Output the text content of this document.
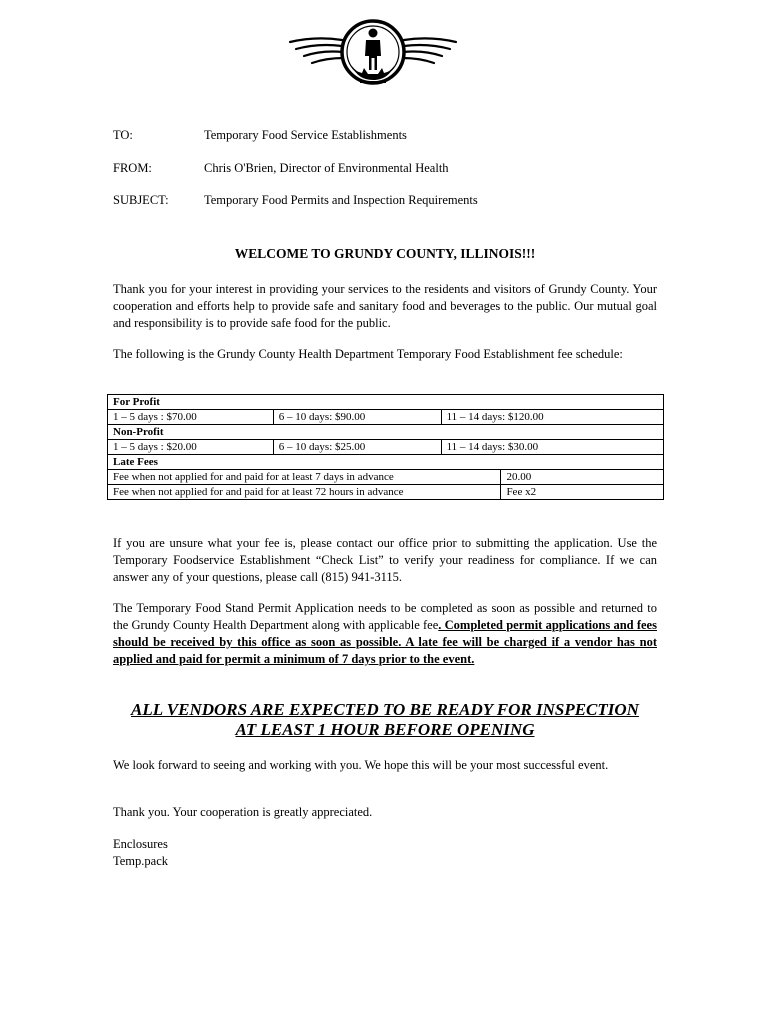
TO:	Temporary Food Service Establishments
FROM:	Chris O'Brien, Director of Environmental Health
SUBJECT:	Temporary Food Permits and Inspection Requirements
WELCOME TO GRUNDY COUNTY, ILLINOIS!!!
Thank you for your interest in providing your services to the residents and visitors of Grundy County. Your cooperation and efforts help to provide safe and sanitary food and beverages to the public. Our mutual goal and responsibility is to provide safe food for the public.
The following is the Grundy County Health Department Temporary Food Establishment fee schedule:
For Profit			
1 – 5 days : $70.00	6 – 10 days: $90.00	11 – 14 days: $120.00	
Non-Profit			
1 – 5 days : $20.00	6 – 10 days: $25.00	11 – 14 days: $30.00	
Late Fees			
Fee when not applied for and paid for at least 7 days in advance			20.00
Fee when not applied for and paid for at least 72 hours in advance			Fee x2
If you are unsure what your fee is, please contact our office prior to submitting the application. Use the Temporary Foodservice Establishment “Check List” to verify your readiness for compliance. If we can answer any of your questions, please call (815) 941-3115.
The Temporary Food Stand Permit Application needs to be completed as soon as possible and returned to the Grundy County Health Department along with applicable fee. Completed permit applications and fees should be received by this office as soon as possible. A late fee will be charged if a vendor has not applied and paid for permit a minimum of 7 days prior to the event.
ALL VENDORS ARE EXPECTED TO BE READY FOR INSPECTION
AT LEAST 1 HOUR BEFORE OPENING
We look forward to seeing and working with you. We hope this will be your most successful event.
Thank you. Your cooperation is greatly appreciated.
Enclosures
Temp.pack
